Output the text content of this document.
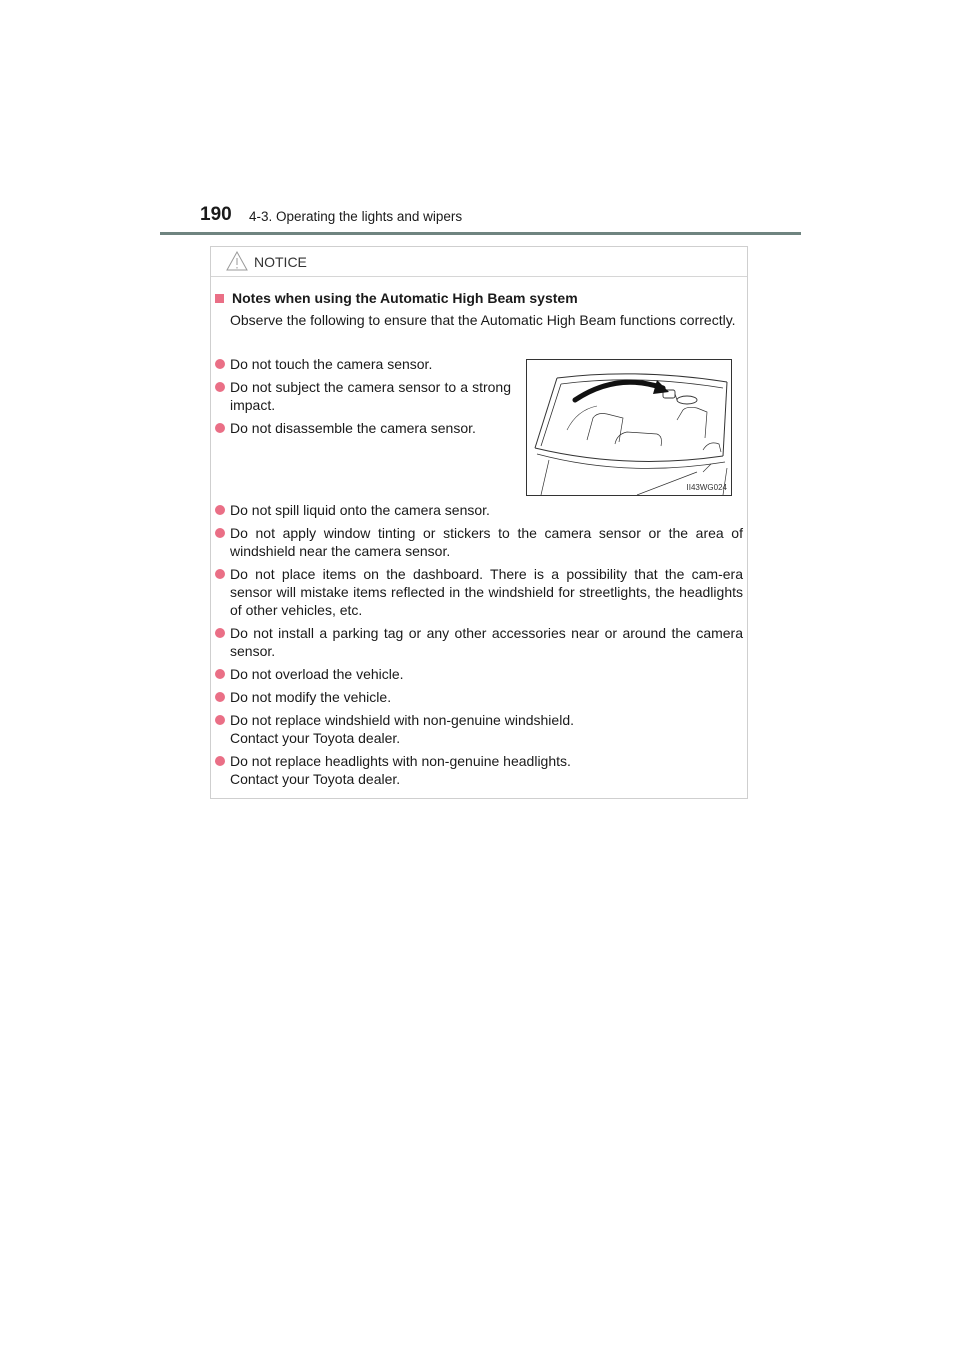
190 4-3. Operating the lights and wipers
NOTICE
Notes when using the Automatic High Beam system
Observe the following to ensure that the Automatic High Beam functions correctly.
Do not touch the camera sensor.
Do not subject the camera sensor to a strong impact.
Do not disassemble the camera sensor.
II43WG024
Do not spill liquid onto the camera sensor.
Do not apply window tinting or stickers to the camera sensor or the area of windshield near the camera sensor.
Do not place items on the dashboard. There is a possibility that the cam-era sensor will mistake items reflected in the windshield for streetlights, the headlights of other vehicles, etc.
Do not install a parking tag or any other accessories near or around the camera sensor.
Do not overload the vehicle.
Do not modify the vehicle.
Do not replace windshield with non-genuine windshield.
Contact your Toyota dealer.
Do not replace headlights with non-genuine headlights.
Contact your Toyota dealer.
